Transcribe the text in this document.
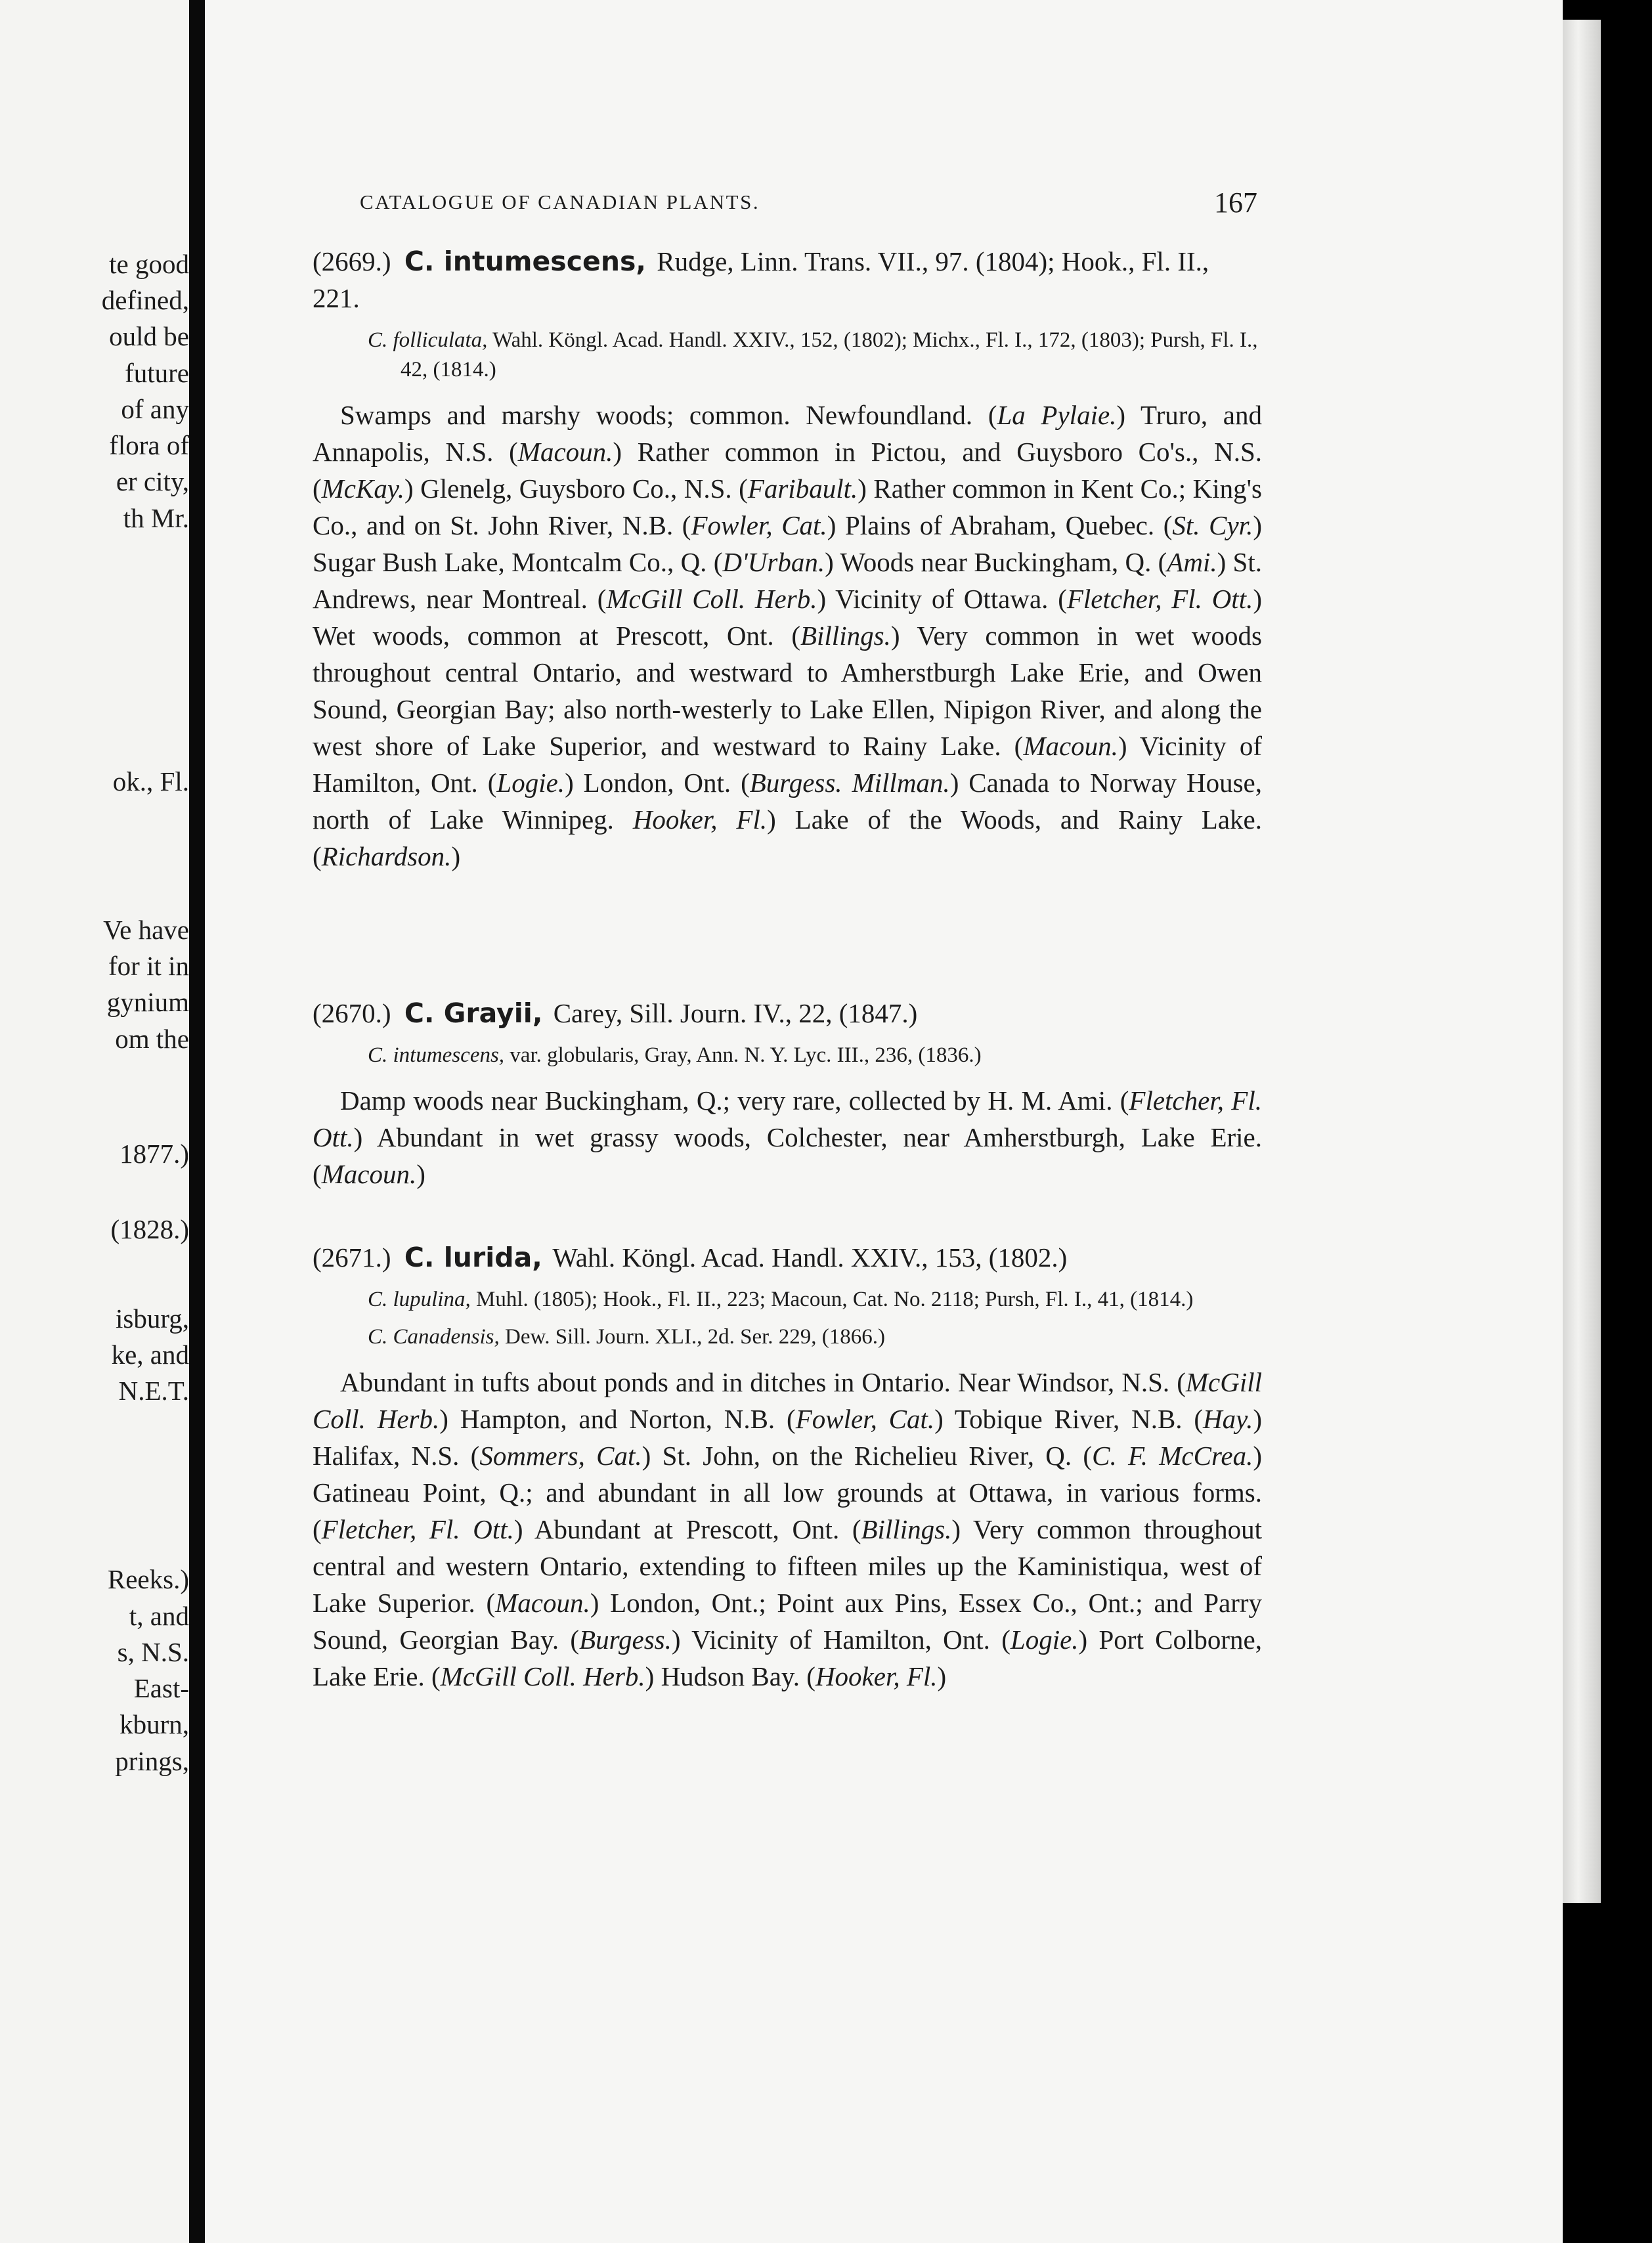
te good
defined,
ould be
future
of any
flora of
er city,
th Mr.
ok., Fl.
Ve have
for it in
gynium
om the
1877.)
(1828.)
isburg,
ke, and
N.E.T.
Reeks.)
t, and
s, N.S.
East-
kburn,
prings,
CATALOGUE OF CANADIAN PLANTS.	167
(2669.) C. intumescens, Rudge, Linn. Trans. VII., 97. (1804); Hook., Fl. II., 221.
C. folliculata, Wahl. Köngl. Acad. Handl. XXIV., 152, (1802); Michx., Fl. I., 172, (1803); Pursh, Fl. I., 42, (1814.)
Swamps and marshy woods; common. Newfoundland. (La Pylaie.) Truro, and Annapolis, N.S. (Macoun.) Rather common in Pictou, and Guysboro Co's., N.S. (McKay.) Glenelg, Guysboro Co., N.S. (Faribault.) Rather common in Kent Co.; King's Co., and on St. John River, N.B. (Fowler, Cat.) Plains of Abraham, Quebec. (St. Cyr.) Sugar Bush Lake, Montcalm Co., Q. (D'Urban.) Woods near Buckingham, Q. (Ami.) St. Andrews, near Montreal. (McGill Coll. Herb.) Vicinity of Ottawa. (Fletcher, Fl. Ott.) Wet woods, common at Prescott, Ont. (Billings.) Very common in wet woods throughout central Ontario, and westward to Amherstburgh Lake Erie, and Owen Sound, Georgian Bay; also north-westerly to Lake Ellen, Nipigon River, and along the west shore of Lake Superior, and westward to Rainy Lake. (Macoun.) Vicinity of Hamilton, Ont. (Logie.) London, Ont. (Burgess. Millman.) Canada to Norway House, north of Lake Winnipeg. Hooker, Fl.) Lake of the Woods, and Rainy Lake. (Richardson.)
(2670.) C. Grayii, Carey, Sill. Journ. IV., 22, (1847.)
C. intumescens, var. globularis, Gray, Ann. N. Y. Lyc. III., 236, (1836.)
Damp woods near Buckingham, Q.; very rare, collected by H. M. Ami. (Fletcher, Fl. Ott.) Abundant in wet grassy woods, Colchester, near Amherstburgh, Lake Erie. (Macoun.)
(2671.) C. lurida, Wahl. Köngl. Acad. Handl. XXIV., 153, (1802.)
C. lupulina, Muhl. (1805); Hook., Fl. II., 223; Macoun, Cat. No. 2118; Pursh, Fl. I., 41, (1814.)
C. Canadensis, Dew. Sill. Journ. XLI., 2d. Ser. 229, (1866.)
Abundant in tufts about ponds and in ditches in Ontario. Near Windsor, N.S. (McGill Coll. Herb.) Hampton, and Norton, N.B. (Fowler, Cat.) Tobique River, N.B. (Hay.) Halifax, N.S. (Sommers, Cat.) St. John, on the Richelieu River, Q. (C. F. McCrea.) Gatineau Point, Q.; and abundant in all low grounds at Ottawa, in various forms. (Fletcher, Fl. Ott.) Abundant at Prescott, Ont. (Billings.) Very common throughout central and western Ontario, extending to fifteen miles up the Kaministiqua, west of Lake Superior. (Macoun.) London, Ont.; Point aux Pins, Essex Co., Ont.; and Parry Sound, Georgian Bay. (Burgess.) Vicinity of Hamilton, Ont. (Logie.) Port Colborne, Lake Erie. (McGill Coll. Herb.) Hudson Bay. (Hooker, Fl.)
